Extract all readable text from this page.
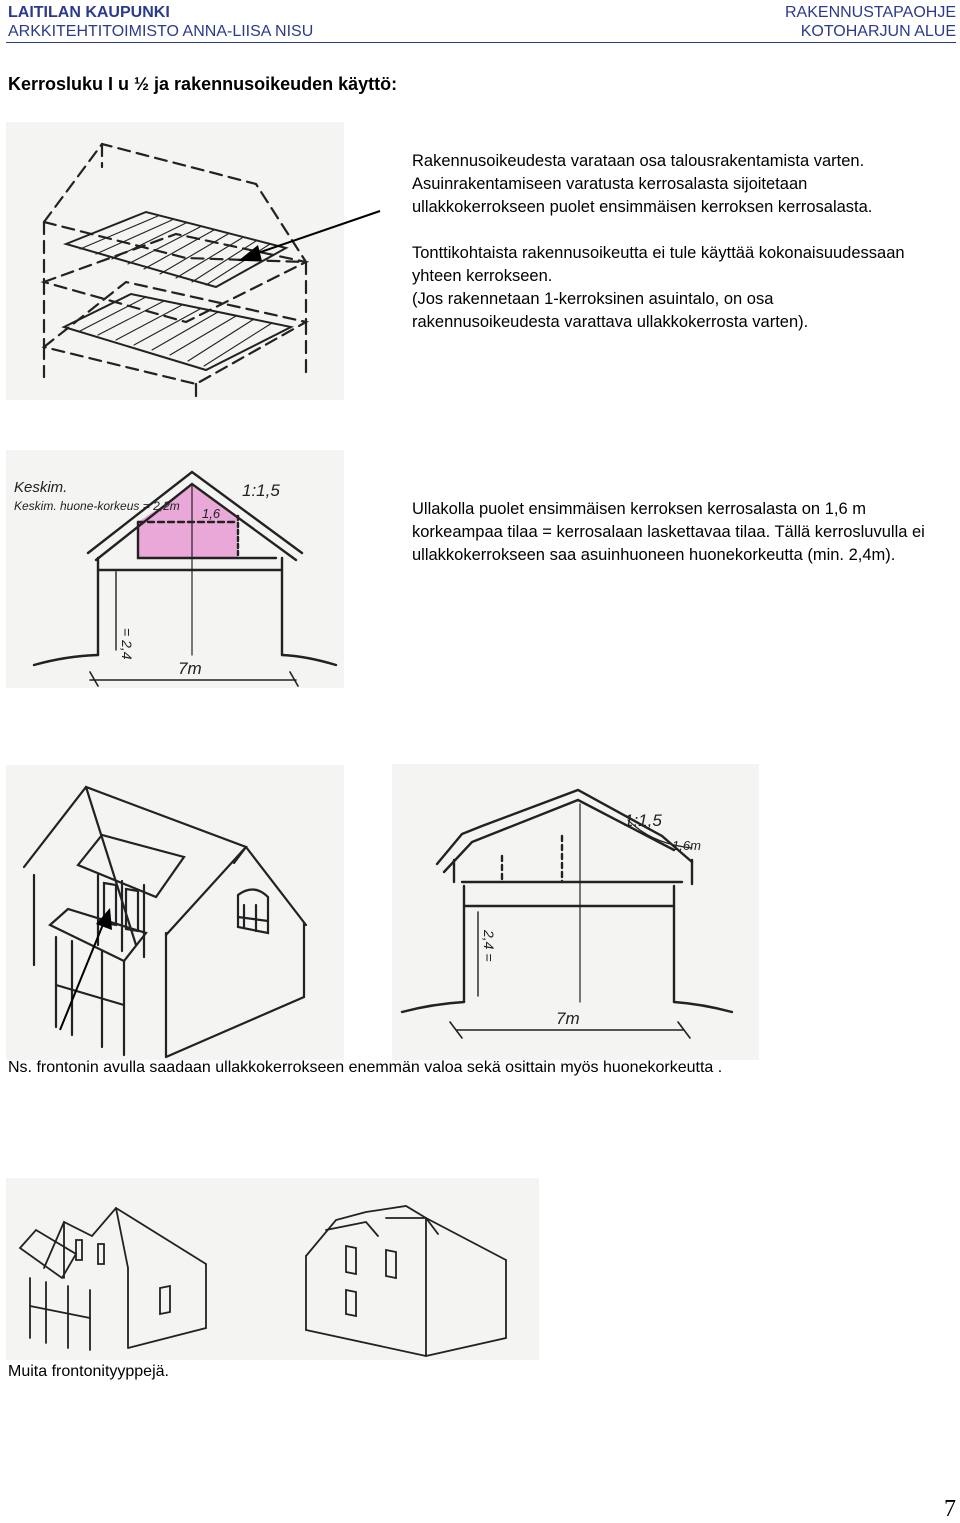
LAITILAN KAUPUNKI
ARKKITEHTITOIMISTO ANNA-LIISA NISU
RAKENNUSTAPAOHJE
KOTOHARJUN ALUE
Kerrosluku I u ½ ja rakennusoikeuden käyttö:

Rakennusoikeudesta varataan osa talousrakentamista varten.

Asuinrakentamiseen varatusta kerrosalasta sijoitetaan ullakkokerrokseen puolet ensimmäisen kerroksen kerrosalasta.

Tonttikohtaista rakennusoikeutta ei tule käyttää kokonaisuudessaan yhteen kerrokseen.

(Jos rakennetaan 1-kerroksinen asuintalo, on osa rakennusoikeudesta varattava ullakkokerrosta varten).

Keskim.
Keskim. huone-korkeus = 2,2m
1:1,5
1,6
= 2,4
7m
Ullakolla puolet ensimmäisen kerroksen kerrosalasta on 1,6 m korkeampaa tilaa = kerrosalaan laskettavaa tilaa. Tällä kerrosluvulla ei ullakkokerrokseen saa asuinhuoneen huonekorkeutta (min. 2,4m).
1:1,5
1,6m
2,4 =
7m
Ns. frontonin avulla saadaan ullakkokerrokseen enemmän valoa sekä osittain myös huonekorkeutta .
Muita frontonityyppejä.
7
